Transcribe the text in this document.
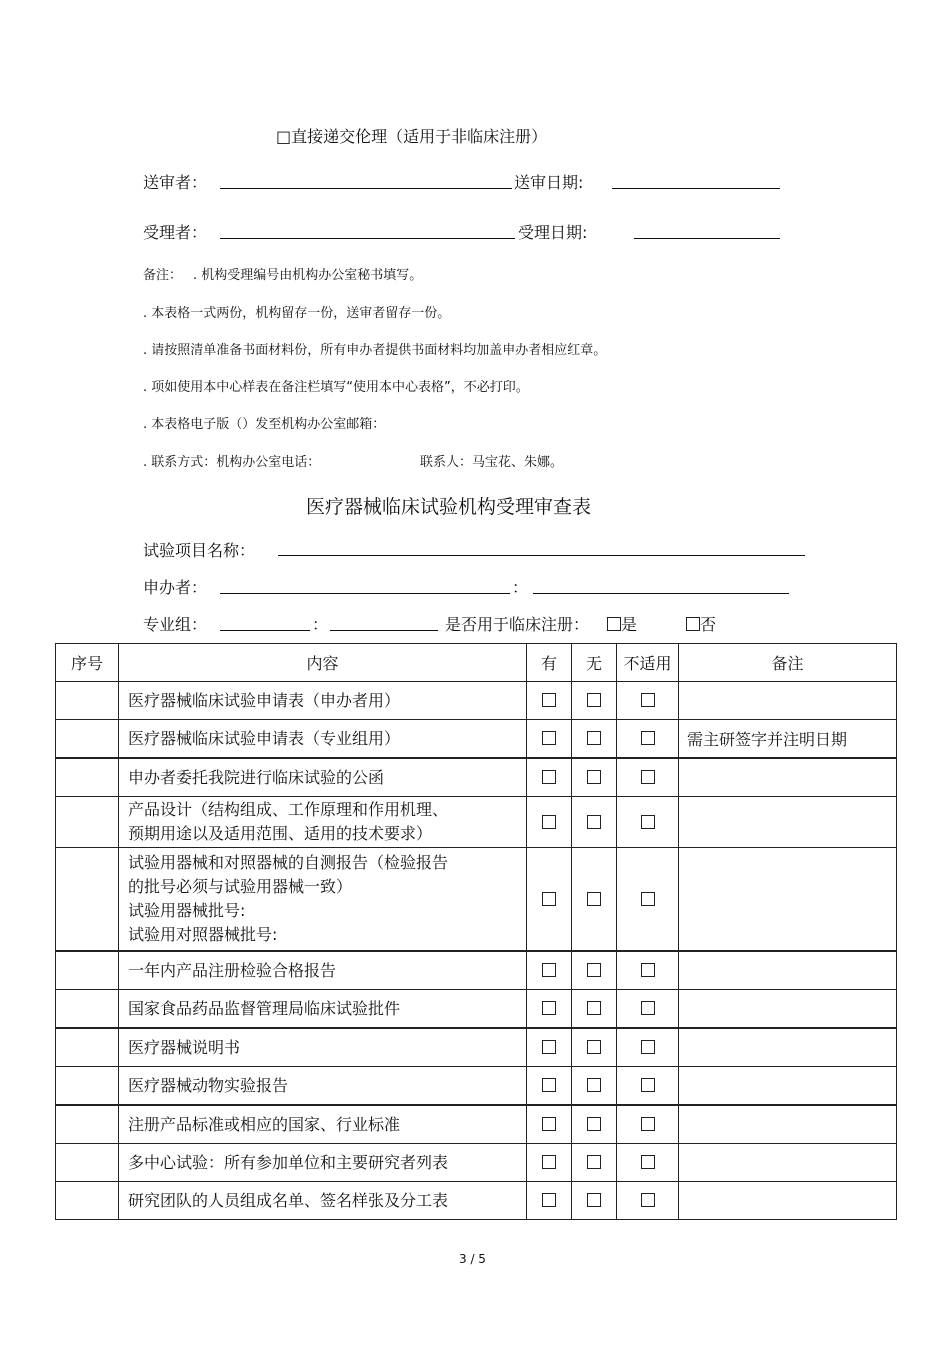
□直接递交伦理（适用于非临床注册）
送审者：	送审日期:
受理者：	受理日期:
备注： . 机构受理编号由机构办公室秘书填写。
. 本表格一式两份，机构留存一份，送审者留存一份。
. 请按照清单准备书面材料份，所有申办者提供书面材料均加盖申办者相应红章。
. 项如使用本中心样表在备注栏填写“使用本中心表格”，不必打印。
. 本表格电子版（）发至机构办公室邮箱：
. 联系方式：机构办公室电话：	联系人：马宝花、朱娜。
医疗器械临床试验机构受理审查表
试验项目名称：
申办者：	：
专业组：	：	是否用于临床注册：	是	否
序号	内容	有	无	不适用	备注

	医疗器械临床试验申请表（申办者用）				

	医疗器械临床试验申请表（专业组用）				需主研签字并注明日期

	申办者委托我院进行临床试验的公函				

	产品设计（结构组成、工作原理和作用机理、
预期用途以及适用范围、适用的技术要求）				

	试验用器械和对照器械的自测报告（检验报告
的批号必须与试验用器械一致）
试验用器械批号:
试验用对照器械批号:				

	一年内产品注册检验合格报告				

	国家食品药品监督管理局临床试验批件				

	医疗器械说明书				

	医疗器械动物实验报告				

	注册产品标准或相应的国家、行业标准				

	多中心试验：所有参加单位和主要研究者列表				

	研究团队的人员组成名单、签名样张及分工表				

3 / 5
